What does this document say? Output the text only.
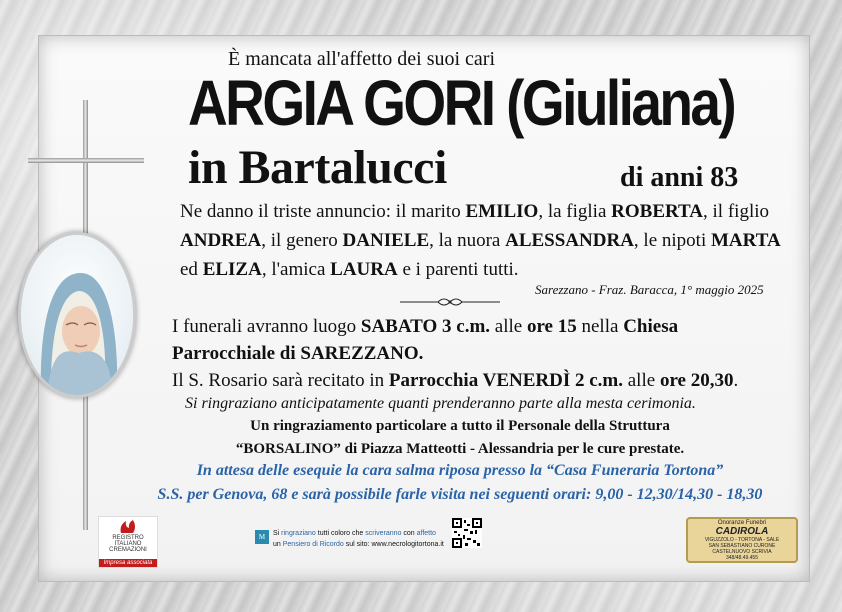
È mancata all'affetto dei suoi cari
ARGIA GORI (Giuliana)
in Bartalucci	di anni 83
Ne danno il triste annuncio: il marito EMILIO, la figlia ROBERTA, il figlio
ANDREA, il genero DANIELE, la nuora ALESSANDRA, le nipoti MARTA
ed ELIZA, l'amica LAURA e i parenti tutti.
Sarezzano - Fraz. Baracca, 1° maggio 2025
I funerali avranno luogo SABATO 3 c.m. alle ore 15 nella Chiesa
Parrocchiale di SAREZZANO.
Il S. Rosario sarà recitato in Parrocchia VENERDÌ 2 c.m. alle ore 20,30.
Si ringraziano anticipatamente quanti prenderanno parte alla mesta cerimonia.
Un ringraziamento particolare a tutto il Personale della Struttura
“BORSALINO” di Piazza Matteotti - Alessandria per le cure prestate.
In attesa delle esequie la cara salma riposa presso la “Casa Funeraria Tortona”
S.S. per Genova, 68 e sarà possibile farle visita nei seguenti orari: 9,00 - 12,30/14,30 - 18,30
REGISTRO
ITALIANO
CREMAZIONI
Impresa associata
M	Si ringraziano tutti coloro che scriveranno con affetto
un Pensiero di Ricordo sul sito: www.necrologitortona.it
Onoranze Funebri
CADIROLA
VIGUZZOLO - TORTONA - SALE
SAN SEBASTIANO CURONE
CASTELNUOVO SCRIVIA
348/48.49.455
